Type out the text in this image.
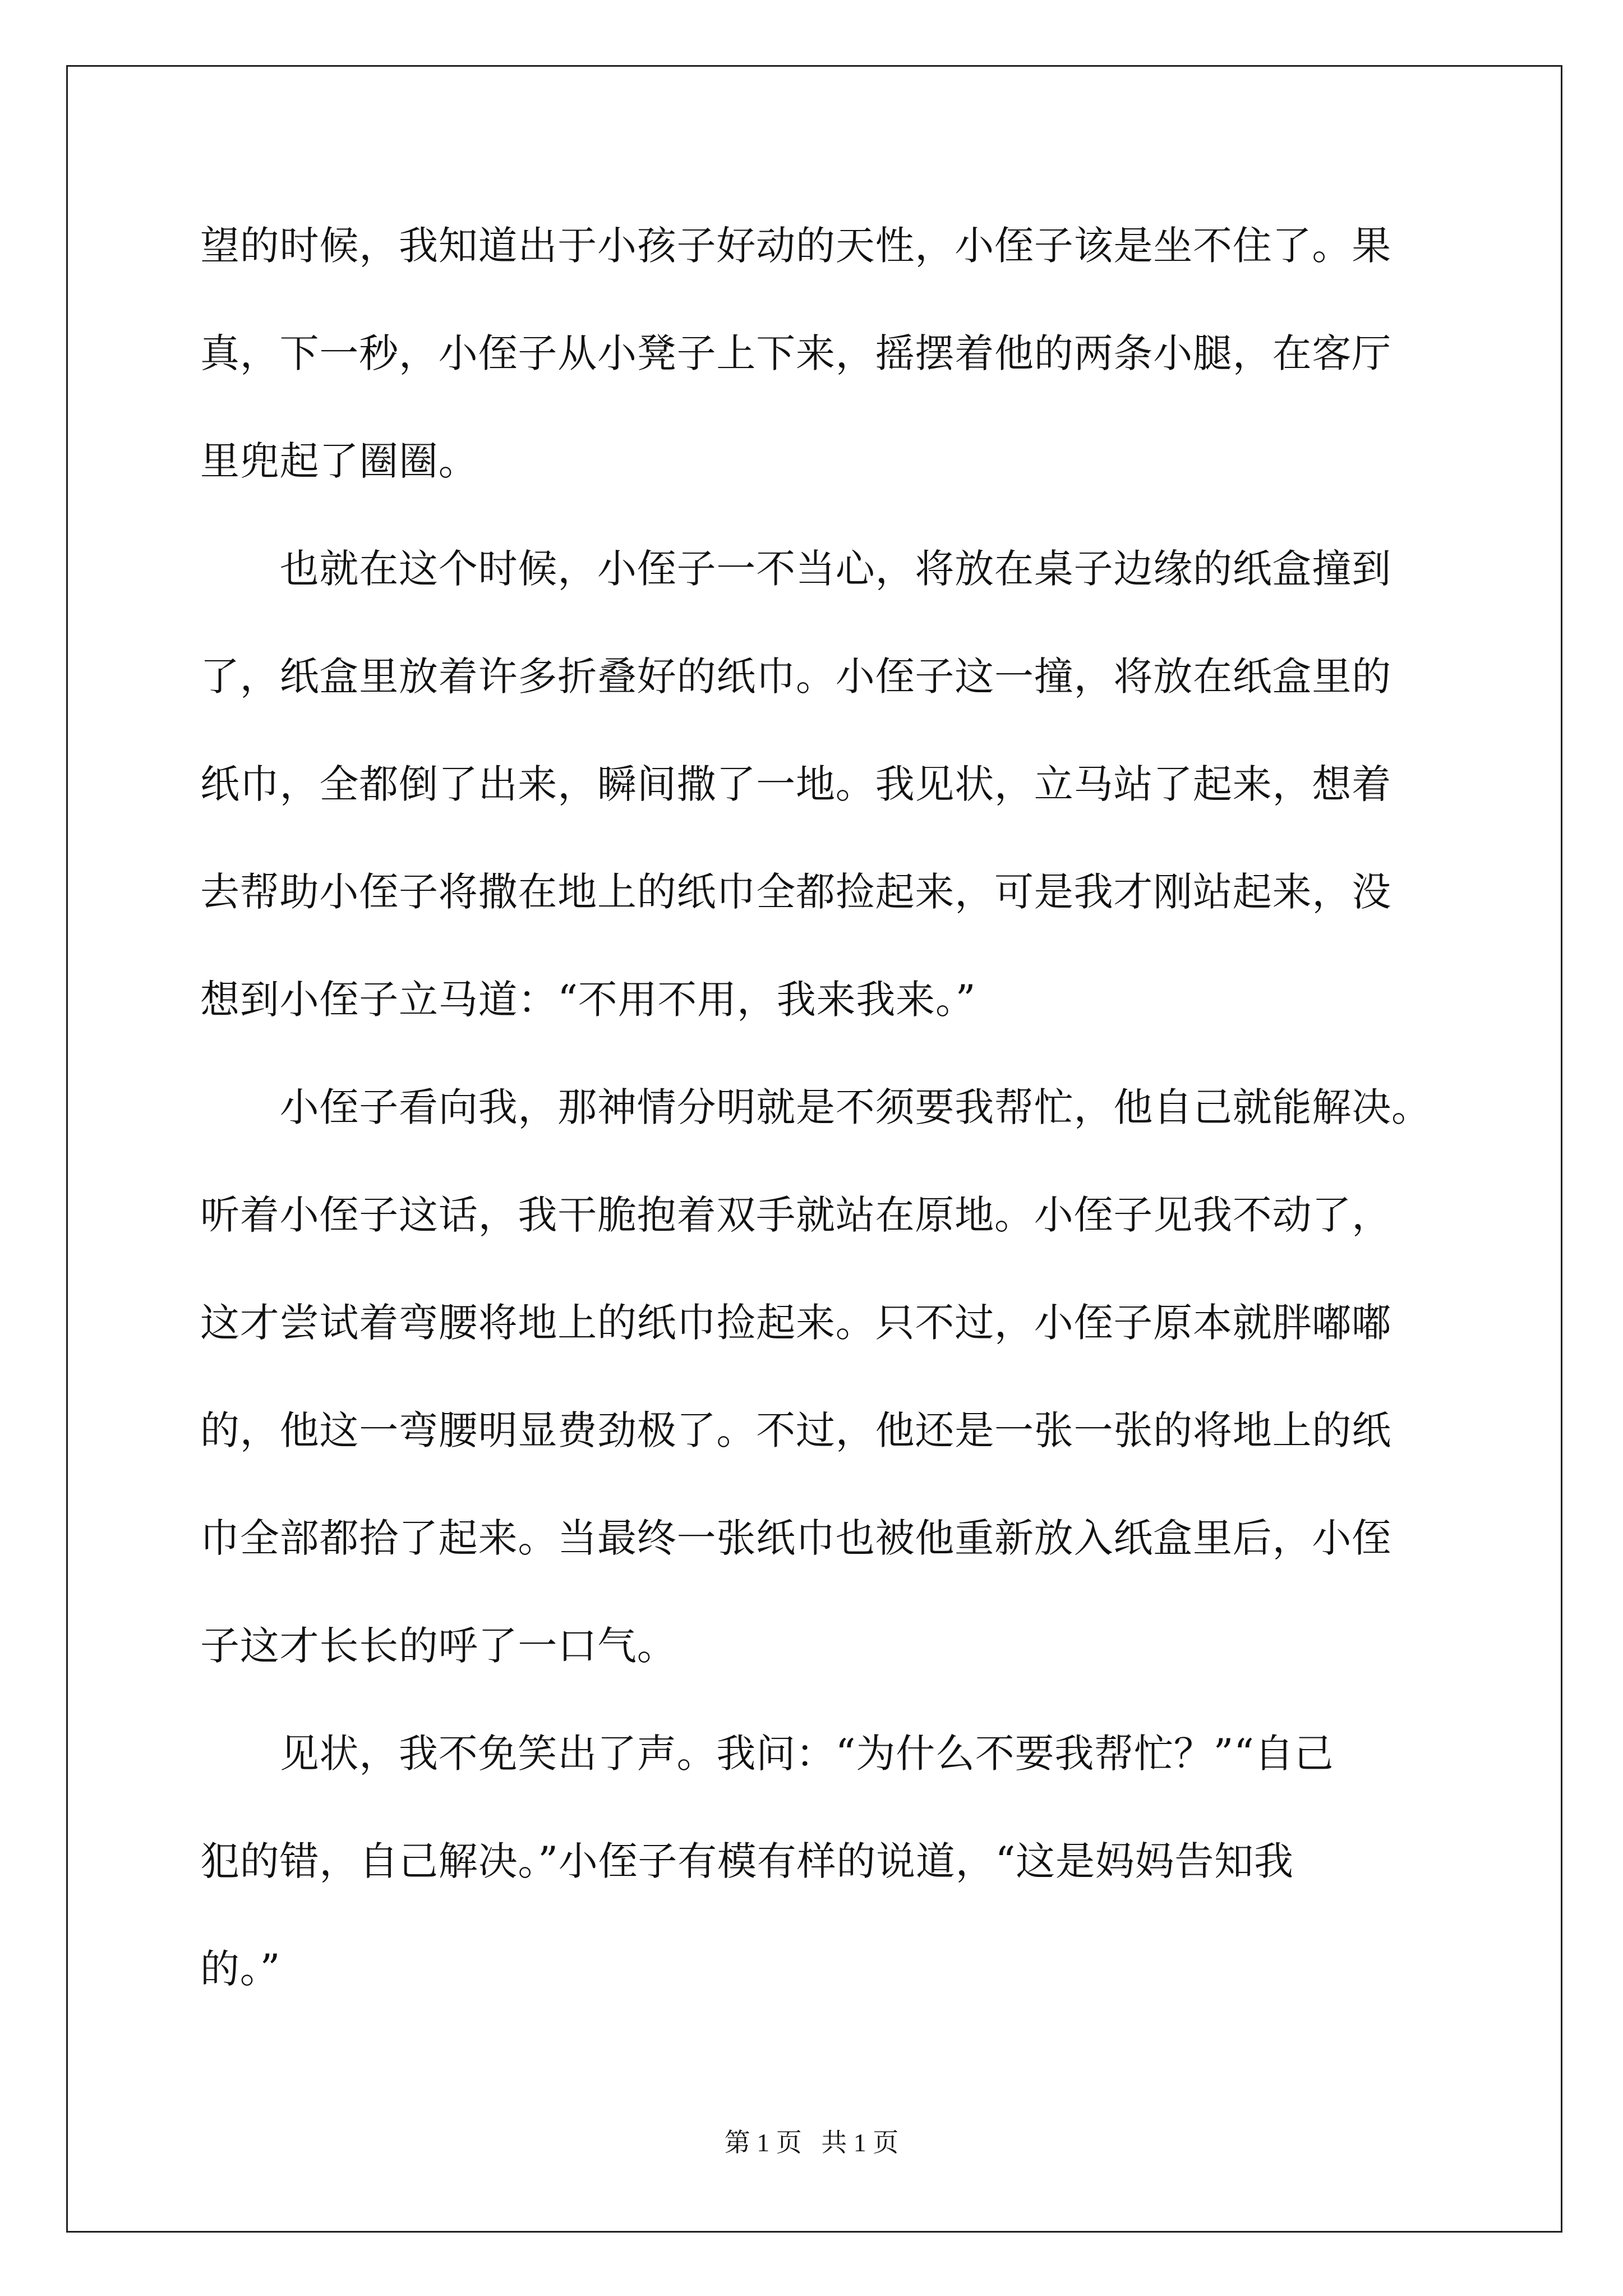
望的时候，我知道出于小孩子好动的天性，小侄子该是坐不住了。果
真，下一秒，小侄子从小凳子上下来，摇摆着他的两条小腿，在客厅
里兜起了圈圈。
　　也就在这个时候，小侄子一不当心，将放在桌子边缘的纸盒撞到
了，纸盒里放着许多折叠好的纸巾。小侄子这一撞，将放在纸盒里的
纸巾，全都倒了出来，瞬间撒了一地。我见状，立马站了起来，想着
去帮助小侄子将撒在地上的纸巾全都捡起来，可是我才刚站起来，没
想到小侄子立马道：“不用不用，我来我来。”
　　小侄子看向我，那神情分明就是不须要我帮忙，他自己就能解决。
听着小侄子这话，我干脆抱着双手就站在原地。小侄子见我不动了，
这才尝试着弯腰将地上的纸巾捡起来。只不过，小侄子原本就胖嘟嘟
的，他这一弯腰明显费劲极了。不过，他还是一张一张的将地上的纸
巾全部都拾了起来。当最终一张纸巾也被他重新放入纸盒里后，小侄
子这才长长的呼了一口气。
　　见状，我不免笑出了声。我问：“为什么不要我帮忙？”“自己
犯的错，自己解决。”小侄子有模有样的说道，“这是妈妈告知我
的。”
第 1 页   共 1 页
